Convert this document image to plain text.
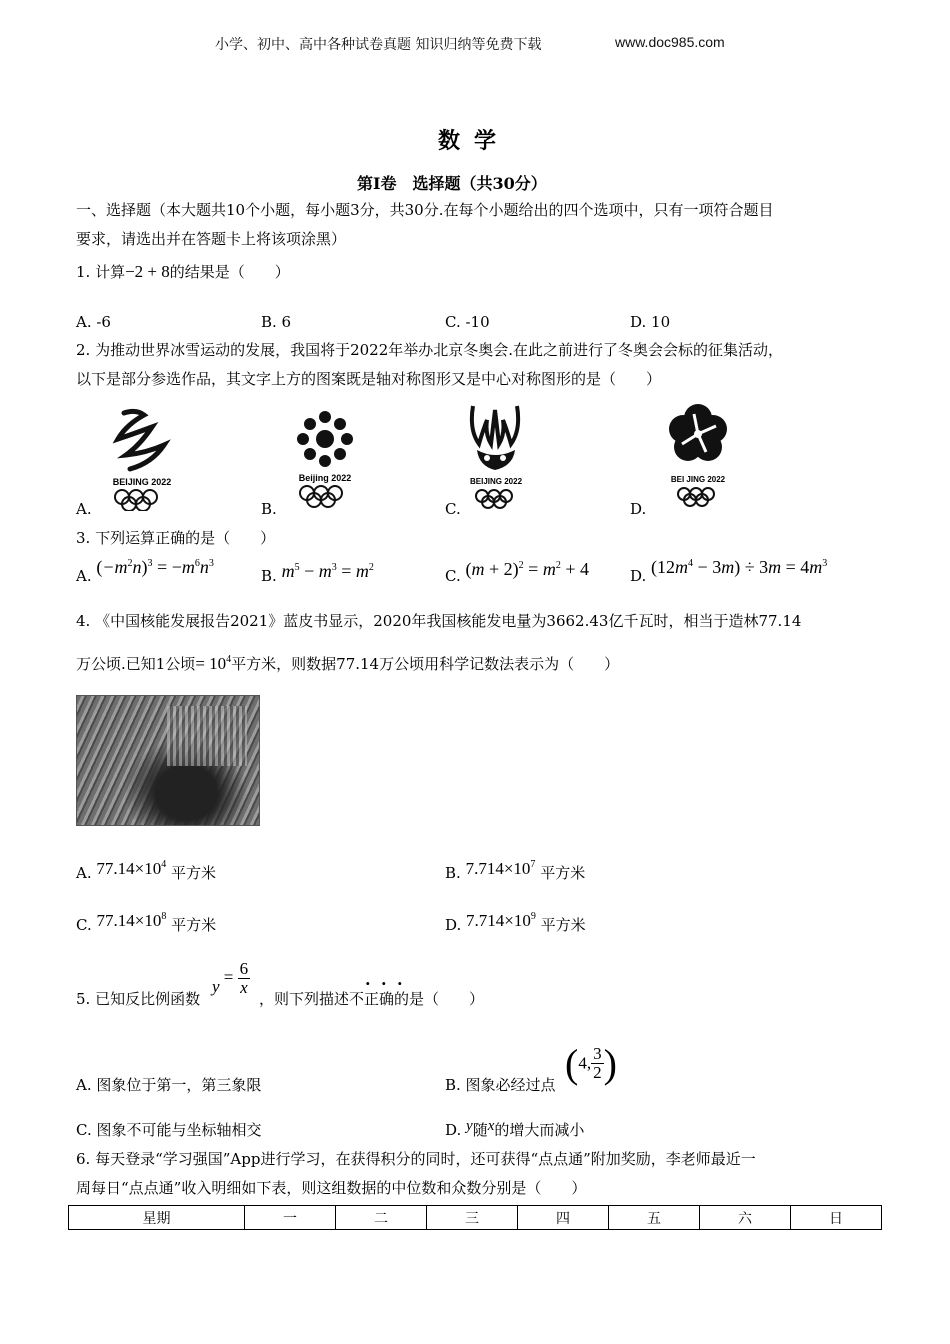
小学、初中、高中各种试卷真题 知识归纳等免费下载	www.doc985.com
数学
第Ⅰ卷　选择题（共30分）
一、选择题（本大题共10个小题，每小题3分，共30分.在每个小题给出的四个选项中，只有一项符合题目
要求，请选出并在答题卡上将该项涂黑）
1. 计算−2 + 8的结果是（　　）
A. -6	B. 6	C. -10	D. 10
2. 为推动世界冰雪运动的发展，我国将于2022年举办北京冬奥会.在此之前进行了冬奥会会标的征集活动，
以下是部分参选作品，其文字上方的图案既是轴对称图形又是中心对称图形的是（　　）
BEIJING 2022
A.
Beijing 2022
B.
BEIJING 2022
C.
BEI JING 2022
D.
3. 下列运算正确的是（　　）
A. $(-m^2n)^3 = -m^6n^3$
B. $m^5 - m^3 = m^2$	C. $(m + 2)^2 = m^2 + 4$	D. $(12m^4 - 3m) \div 3m = 4m^3$
4. 《中国核能发展报告2021》蓝皮书显示，2020年我国核能发电量为3662.43亿千瓦时，相当于造林77.14
万公顷.已知1公顷= $10^4$平方米，则数据77.14万公顷用科学记数法表示为（　　）
A. $77.14\times 10^4$ 平方米	B. $7.714\times 10^7$ 平方米
C. $77.14\times 10^8$ 平方米	D. $7.714\times 10^9$ 平方米
5. 已知反比例函数
$y = \frac{6}{x}$
，则下列描述不正确的是（　　）
. . .
A. 图象位于第一，第三象限	B. 图象必经过点 (4, $\frac{3}{2}$ )
C. 图象不可能与坐标轴相交	D. y随x的增大而减小
6. 每天登录“学习强国”App进行学习，在获得积分的同时，还可获得“点点通”附加奖励，李老师最近一
周每日“点点通”收入明细如下表，则这组数据的中位数和众数分别是（　　）
星期	一	二	三	四	五	六	日
